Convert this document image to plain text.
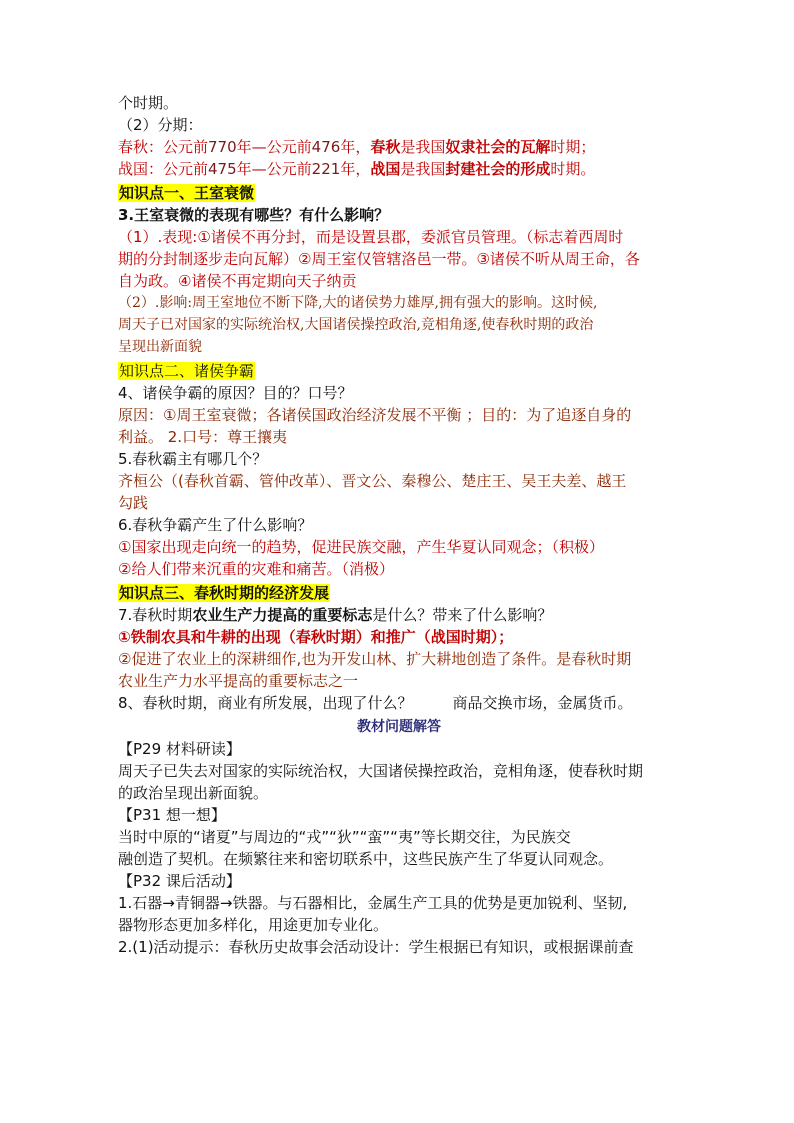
个时期。
（2）分期：
春秋：公元前770年—公元前476年，春秋是我国奴隶社会的瓦解时期；
战国：公元前475年—公元前221年，战国是我国封建社会的形成时期。
知识点一、王室衰微
3.王室衰微的表现有哪些？有什么影响？
（1）.表现:①诸侯不再分封，而是设置县郡，委派官员管理。（标志着西周时
期的分封制逐步走向瓦解）②周王室仅管辖洛邑一带。③诸侯不听从周王命，各
自为政。④诸侯不再定期向天子纳贡
（2）.影响:周王室地位不断下降,大的诸侯势力雄厚,拥有强大的影响。这时候,
周天子已对国家的实际统治权,大国诸侯操控政治,竞相角逐,使春秋时期的政治
呈现出新面貌
知识点二、诸侯争霸
4、诸侯争霸的原因？目的？口号？
原因：①周王室衰微；各诸侯国政治经济发展不平衡 ；目的：为了追逐自身的
利益。 2.口号：尊王攘夷
5.春秋霸主有哪几个？
齐桓公（(春秋首霸、管仲改革）、晋文公、秦穆公、楚庄王、吴王夫差、越王
勾践
6.春秋争霸产生了什么影响？
①国家出现走向统一的趋势，促进民族交融，产生华夏认同观念；（积极）
②给人们带来沉重的灾难和痛苦。（消极）
知识点三、春秋时期的经济发展
7.春秋时期农业生产力提高的重要标志是什么？带来了什么影响？
①铁制农具和牛耕的出现（春秋时期）和推广（战国时期）；
②促进了农业上的深耕细作,也为开发山林、扩大耕地创造了条件。是春秋时期
农业生产力水平提高的重要标志之一
8、春秋时期，商业有所发展，出现了什么？	商品交换市场，金属货币。
教材问题解答
【P29 材料研读】
周天子已失去对国家的实际统治权，大国诸侯操控政治，竞相角逐，使春秋时期
的政治呈现出新面貌。
【P31 想一想】
当时中原的“诸夏”与周边的“戎”“狄”“蛮”“夷”等长期交往，为民族交
融创造了契机。在频繁往来和密切联系中，这些民族产生了华夏认同观念。
【P32 课后活动】
1.石器→青铜器→铁器。与石器相比，金属生产工具的优势是更加锐利、坚韧,
器物形态更加多样化，用途更加专业化。
2.(1)活动提示：春秋历史故事会活动设计：学生根据已有知识，或根据课前查
